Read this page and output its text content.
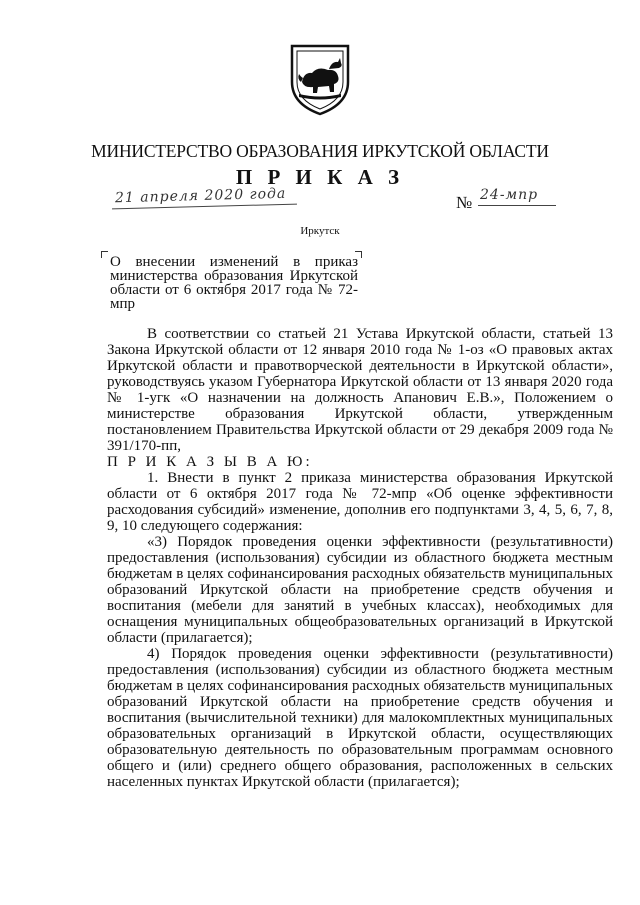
МИНИСТЕРСТВО ОБРАЗОВАНИЯ ИРКУТСКОЙ ОБЛАСТИ
П Р И К А З
21 апреля 2020 года	№ 24-мпр
Иркутск
О внесении изменений в приказ министерства образования Иркутской области от 6 октября 2017 года № 72-мпр

В соответствии со статьей 21 Устава Иркутской области, статьей 13 Закона Иркутской области от 12 января 2010 года № 1-оз «О правовых актах Иркутской области и правотворческой деятельности в Иркутской области», руководствуясь указом Губернатора Иркутской области от 13 января 2020 года № 1-угк «О назначении на должность Апанович Е.В.», Положением о министерстве образования Иркутской области, утвержденным постановлением Правительства Иркутской области от 29 декабря 2009 года № 391/170-пп,

П Р И К А З Ы В А Ю:

1. Внести в пункт 2 приказа министерства образования Иркутской области от 6 октября 2017 года № 72-мпр «Об оценке эффективности расходования субсидий» изменение, дополнив его подпунктами 3, 4, 5, 6, 7, 8, 9, 10 следующего содержания:

«3) Порядок проведения оценки эффективности (результативности) предоставления (использования) субсидии из областного бюджета местным бюджетам в целях софинансирования расходных обязательств муниципальных образований Иркутской области на приобретение средств обучения и воспитания (мебели для занятий в учебных классах), необходимых для оснащения муниципальных общеобразовательных организаций в Иркутской области (прилагается);

4) Порядок проведения оценки эффективности (результативности) предоставления (использования) субсидии из областного бюджета местным бюджетам в целях софинансирования расходных обязательств муниципальных образований Иркутской области на приобретение средств обучения и воспитания (вычислительной техники) для малокомплектных муниципальных образовательных организаций в Иркутской области, осуществляющих образовательную деятельность по образовательным программам основного общего и (или) среднего общего образования, расположенных в сельских населенных пунктах Иркутской области (прилагается);
